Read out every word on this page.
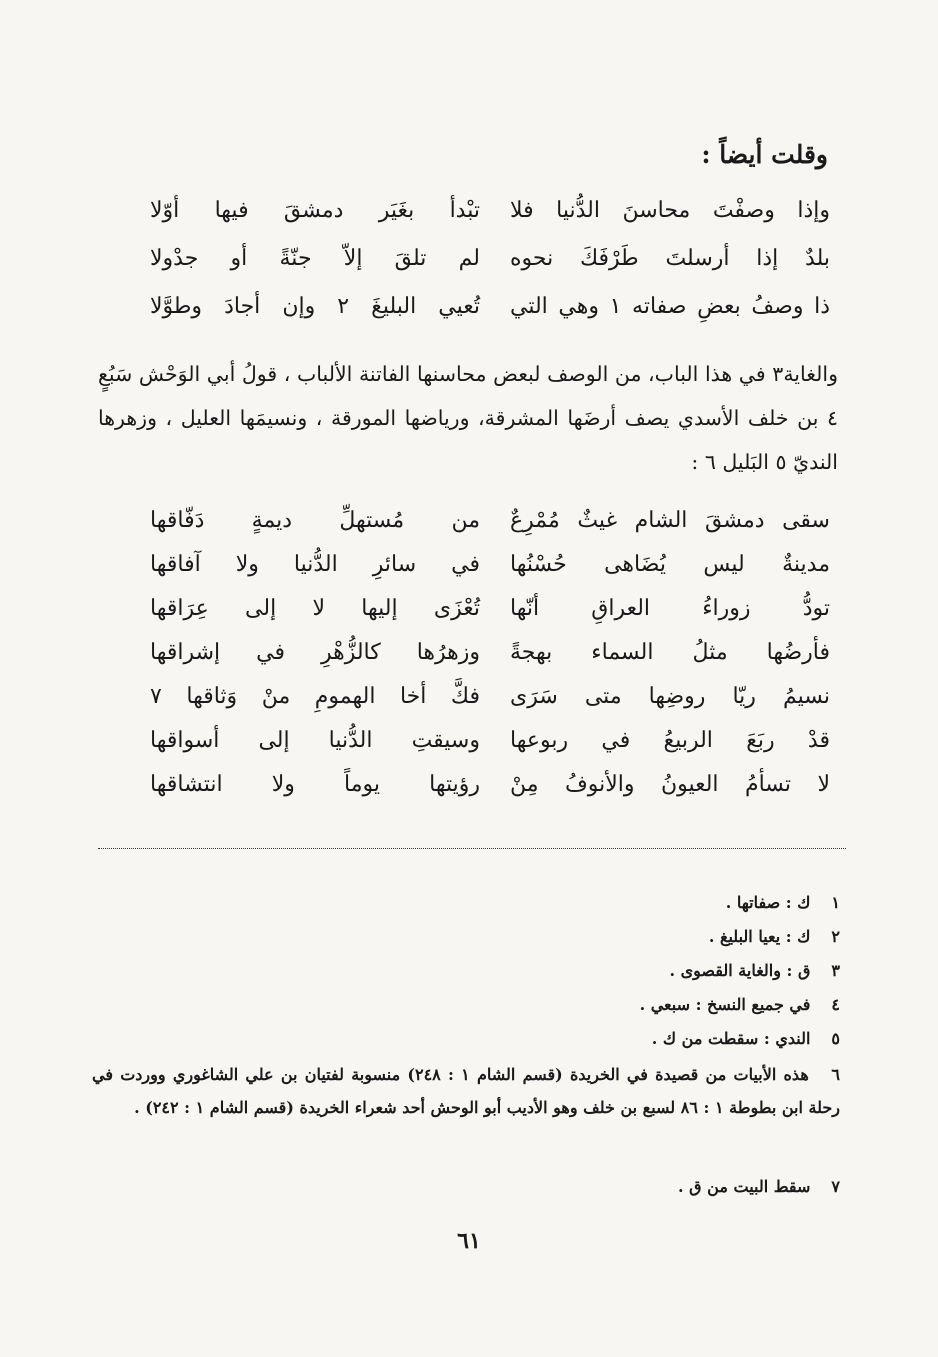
وقلت أيضاً :
وإذا وصفْتَ محاسنَ الدُّنيا فلا
تبْدأ بغَيَر دمشقَ فيها أوّلا
بلدٌ إذا أرسلتَ طَرْفَكَ نحوه
لم تلقَ إلاّ جنّةً أو جدْولا
ذا وصفُ بعضِ صفاته ١ وهي التي
تُعيي البليغَ ٢ وإن أجادَ وطوَّلا

والغاية٣ في هذا الباب، من الوصف لبعض محاسنها الفاتنة الألباب ، قولُ أبي الوَحْش سَبُعٍ ٤ بن خلف الأسدي يصف أرضَها المشرقة، ورياضها المورقة ، ونسيمَها العليل ، وزهرها النديّ ٥ البَليل ٦ :

سقى دمشقَ الشام غيثٌ مُمْرِعٌ
من مُستهلِّ ديمةٍ دَفّاقها
مدينةٌ ليس يُضَاهى حُسْنُها
في سائرِ الدُّنيا ولا آفاقها
تودُّ زوراءُ العراقِ أنّها
تُعْزَى إليها لا إلى عِرَاقها
فأرضُها مثلُ السماء بهجةً
وزهرُها كالزُّهْرِ في إشراقها
نسيمُ ريّا روضِها متى سَرَى
فكَّ أخا الهمومِ منْ وَثاقها ٧
قدْ ربَعَ الربيعُ في ربوعها
وسيقتِ الدُّنيا إلى أسواقها
لا تسأمُ العيونُ والأنوفُ مِنْ
رؤيتها يوماً ولا انتشاقها
١ ك : صفاتها .
٢ ك : يعيا البليغ .
٣ ق : والغاية القصوى .
٤ في جميع النسخ : سبعي .
٥ الندي : سقطت من ك .
٦ هذه الأبيات من قصيدة في الخريدة (قسم الشام ١ : ٢٤٨) منسوبة لفتيان بن علي الشاغوري ووردت في رحلة ابن بطوطة ١ : ٨٦ لسبع بن خلف وهو الأديب أبو الوحش أحد شعراء الخريدة (قسم الشام ١ : ٢٤٢) .
٧ سقط البيت من ق .
٦١
